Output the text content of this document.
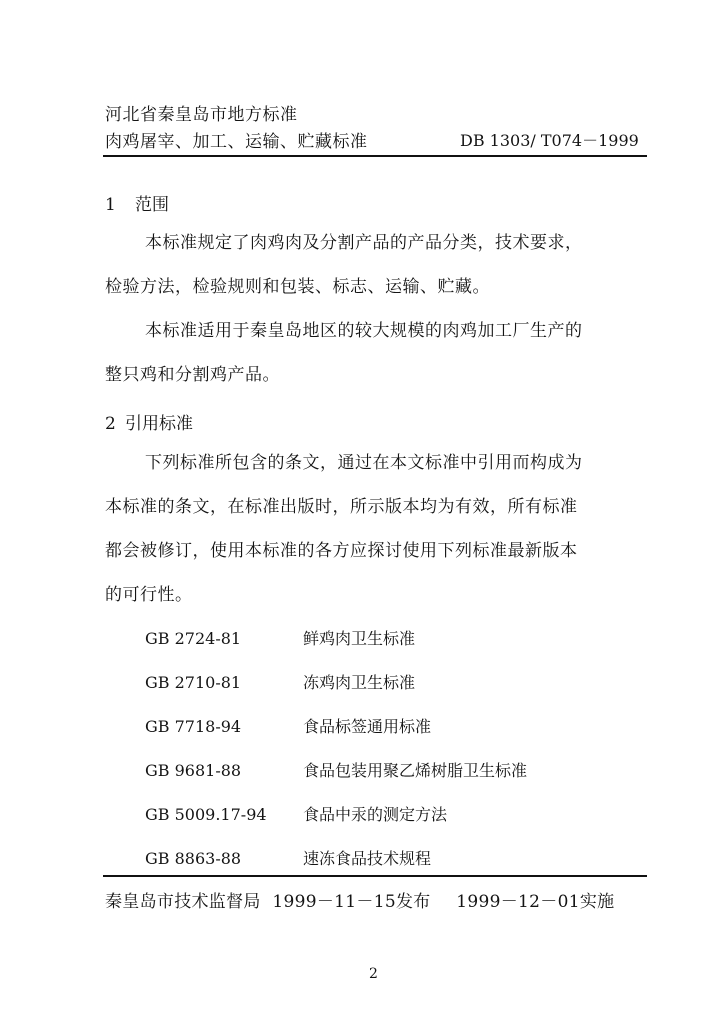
河北省秦皇岛市地方标准
肉鸡屠宰、加工、运输、贮藏标准	DB 1303/ T074－1999
1 范围
本标准规定了肉鸡肉及分割产品的产品分类，技术要求，
检验方法，检验规则和包装、标志、运输、贮藏。
本标准适用于秦皇岛地区的较大规模的肉鸡加工厂生产的
整只鸡和分割鸡产品。
2 引用标准
下列标准所包含的条文，通过在本文标准中引用而构成为
本标准的条文，在标准出版时，所示版本均为有效，所有标准
都会被修订，使用本标准的各方应探讨使用下列标准最新版本
的可行性。
GB 2724-81	鲜鸡肉卫生标准
GB 2710-81	冻鸡肉卫生标准
GB 7718-94	食品标签通用标准
GB 9681-88	食品包装用聚乙烯树脂卫生标准
GB 5009.17-94 食品中汞的测定方法
GB 8863-88	速冻食品技术规程
秦皇岛市技术监督局 1999－11－15发布 1999－12－01实施
2
